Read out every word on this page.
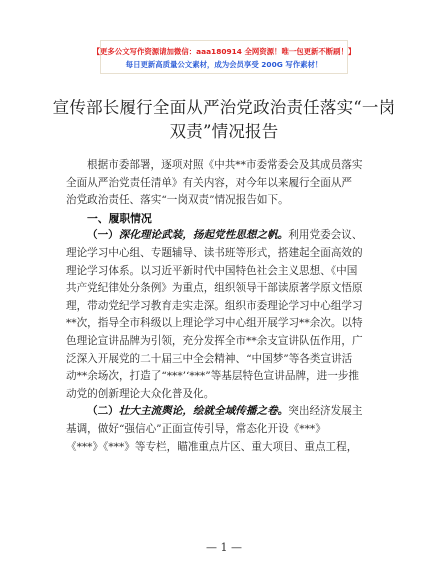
【更多公文写作资源请加微信：aaa180914 全网资源！唯一包更新不断刷！】
每日更新高质量公文素材，成为会员享受 200G 写作素材！
宣传部长履行全面从严治党政治责任落实“一岗
双责”情况报告
根据市委部署，逐项对照《中共**市委常委会及其成员落实
全面从严治党责任清单》有关内容，对今年以来履行全面从严
治党政治责任、落实“一岗双责”情况报告如下。
一、履职情况
（一）深化理论武装，扬起党性思想之帆。利用党委会议、
理论学习中心组、专题辅导、读书班等形式，搭建起全面高效的
理论学习体系。以习近平新时代中国特色社会主义思想、《中国
共产党纪律处分条例》为重点，组织领导干部读原著学原文悟原
理，带动党纪学习教育走实走深。组织市委理论学习中心组学习
**次，指导全市科级以上理论学习中心组开展学习**余次。以特
色理论宣讲品牌为引领，充分发挥全市**余支宣讲队伍作用，广
泛深入开展党的二十届三中全会精神、“中国梦”等各类宣讲活
动**余场次，打造了“***’‘***”等基层特色宣讲品牌，进一步推
动党的创新理论大众化普及化。
（二）壮大主流舆论，绘就全域传播之卷。突出经济发展主
基调，做好“强信心”正面宣传引导，常态化开设《***》
《***》《***》等专栏，瞄准重点片区、重大项目、重点工程，
— 1 —
